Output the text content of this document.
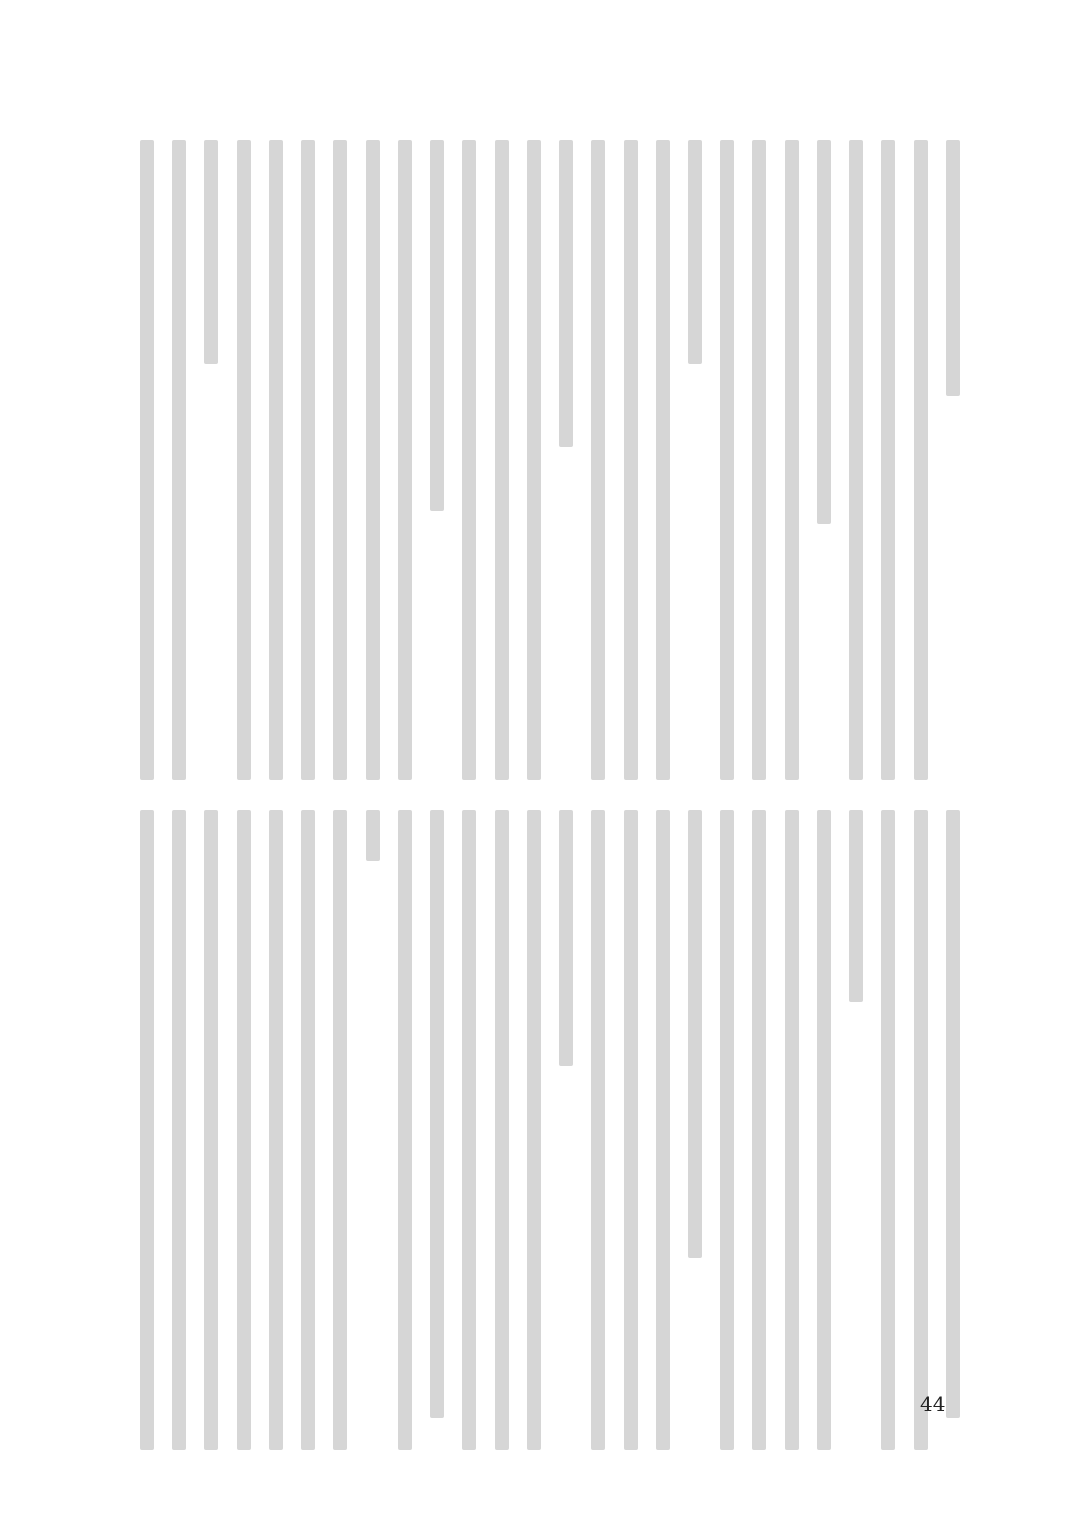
44
